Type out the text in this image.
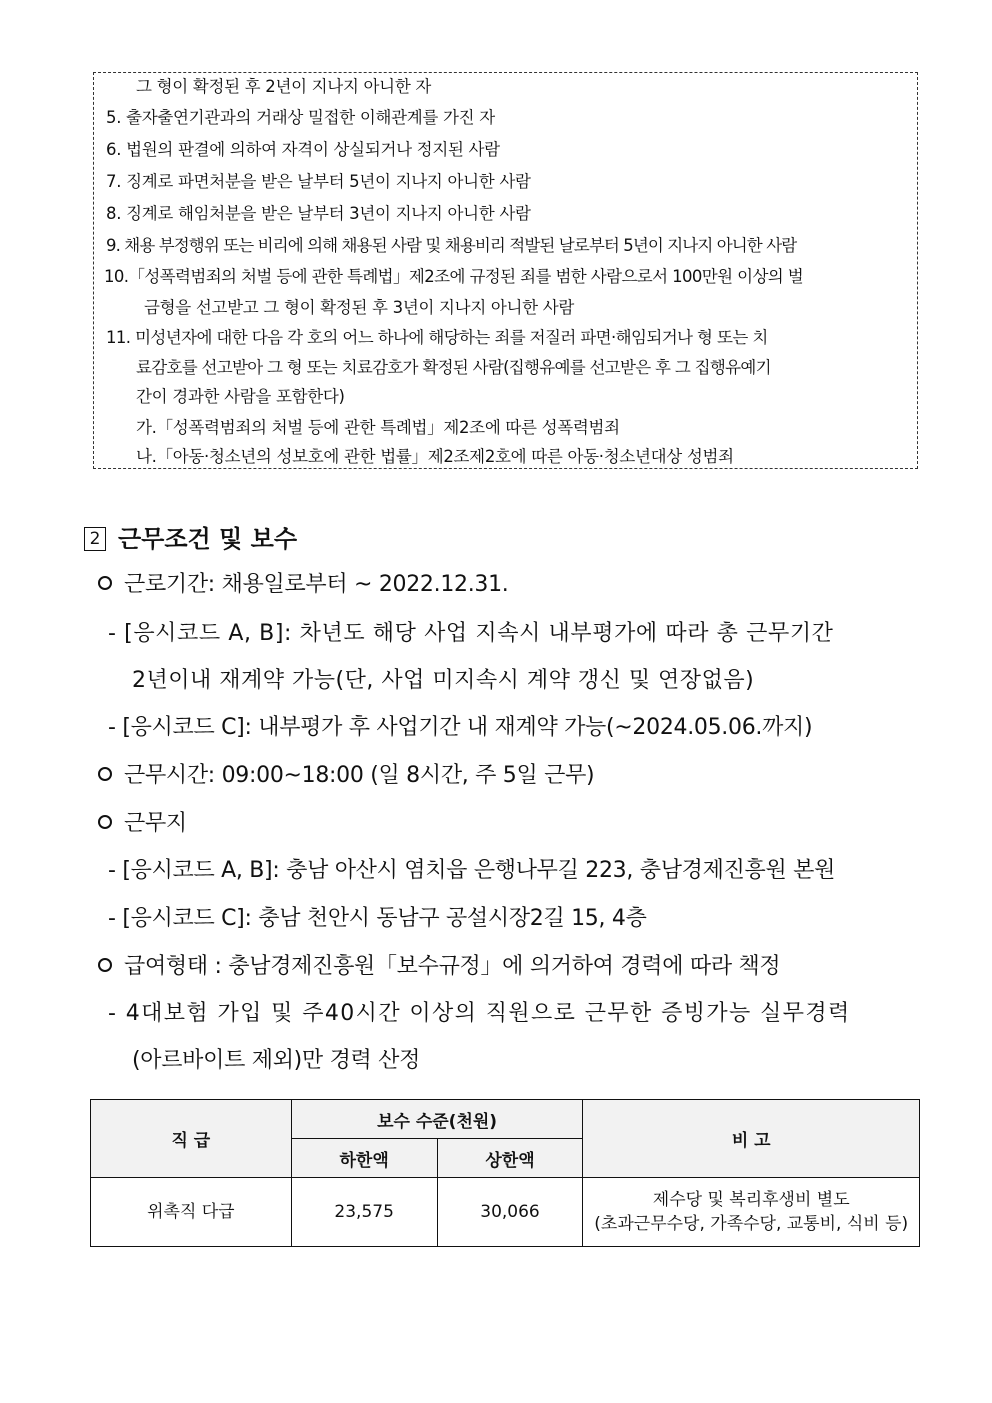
그 형이 확정된 후 2년이 지나지 아니한 자
5. 출자출연기관과의 거래상 밀접한 이해관계를 가진 자
6. 법원의 판결에 의하여 자격이 상실되거나 정지된 사람
7. 징계로 파면처분을 받은 날부터 5년이 지나지 아니한 사람
8. 징계로 해임처분을 받은 날부터 3년이 지나지 아니한 사람
9. 채용 부정행위 또는 비리에 의해 채용된 사람 및 채용비리 적발된 날로부터 5년이 지나지 아니한 사람
10.「성폭력범죄의 처벌 등에 관한 특례법」제2조에 규정된 죄를 범한 사람으로서 100만원 이상의 벌
금형을 선고받고 그 형이 확정된 후 3년이 지나지 아니한 사람
11. 미성년자에 대한 다음 각 호의 어느 하나에 해당하는 죄를 저질러 파면·해임되거나 형 또는 치
료감호를 선고받아 그 형 또는 치료감호가 확정된 사람(집행유예를 선고받은 후 그 집행유예기
간이 경과한 사람을 포함한다)
가.「성폭력범죄의 처벌 등에 관한 특례법」제2조에 따른 성폭력범죄
나.「아동·청소년의 성보호에 관한 법률」제2조제2호에 따른 아동·청소년대상 성범죄
2 근무조건 및 보수
근로기간: 채용일로부터 ~ 2022.12.31.
- [응시코드 A, B]: 차년도 해당 사업 지속시 내부평가에 따라 총 근무기간
2년이내 재계약 가능(단, 사업 미지속시 계약 갱신 및 연장없음)
- [응시코드 C]: 내부평가 후 사업기간 내 재계약 가능(~2024.05.06.까지)
근무시간: 09:00~18:00 (일 8시간, 주 5일 근무)
근무지
- [응시코드 A, B]: 충남 아산시 염치읍 은행나무길 223, 충남경제진흥원 본원
- [응시코드 C]: 충남 천안시 동남구 공설시장2길 15, 4층
급여형태 : 충남경제진흥원「보수규정」에 의거하여 경력에 따라 책정
- 4대보험 가입 및 주40시간 이상의 직원으로 근무한 증빙가능 실무경력
(아르바이트 제외)만 경력 산정
직 급	보수 수준(천원)		비 고
	하한액	상한액	
위촉직 다급	23,575	30,066	제수당 및 복리후생비 별도
(초과근무수당, 가족수당, 교통비, 식비 등)
